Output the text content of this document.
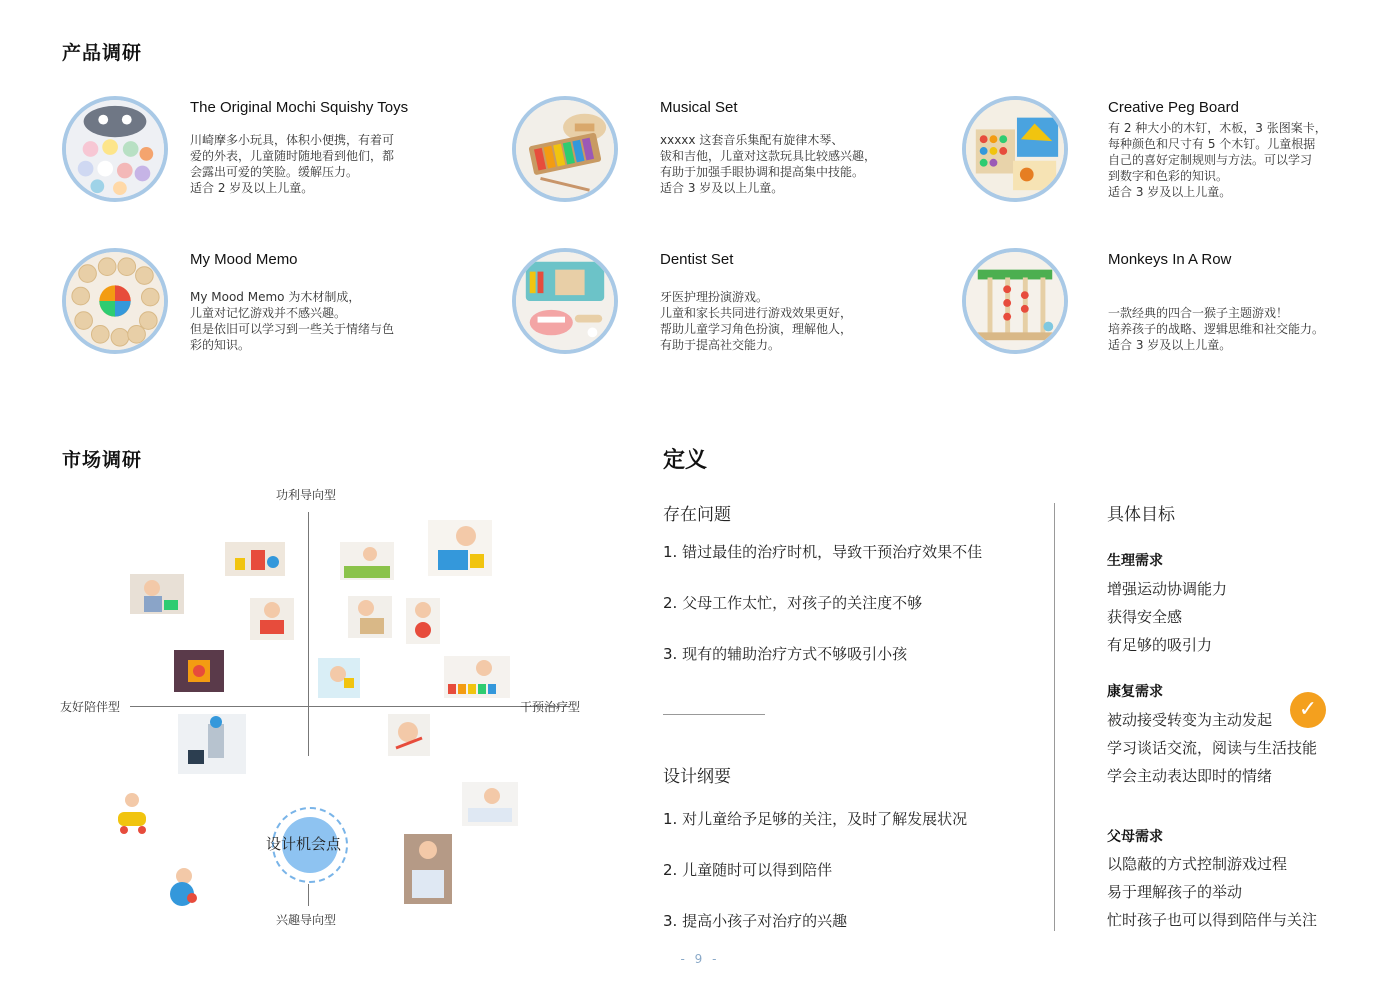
产品调研
The Original Mochi Squishy Toys
川崎摩多小玩具，体积小便携，有着可
爱的外表，儿童随时随地看到他们，都
会露出可爱的笑脸。缓解压力。
适合 2 岁及以上儿童。
Musical Set
xxxxx 这套音乐集配有旋律木琴、
钹和吉他，儿童对这款玩具比较感兴趣，
有助于加强手眼协调和提高集中技能。
适合 3 岁及以上儿童。
Creative Peg Board
有 2 种大小的木钉，木板，3 张图案卡，
每种颜色和尺寸有 5 个木钉。儿童根据
自己的喜好定制规则与方法。可以学习
到数字和色彩的知识。
适合 3 岁及以上儿童。
My Mood Memo
My Mood Memo 为木材制成，
儿童对记忆游戏并不感兴趣。
但是依旧可以学习到一些关于情绪与色
彩的知识。
Dentist Set
牙医护理扮演游戏。
儿童和家长共同进行游戏效果更好，
帮助儿童学习角色扮演，理解他人，
有助于提高社交能力。
Monkeys In A Row
一款经典的四合一猴子主题游戏！
培养孩子的战略、逻辑思维和社交能力。
适合 3 岁及以上儿童。
市场调研
功利导向型
兴趣导向型
友好陪伴型	干预治疗型
设计机会点
定义
存在问题
1. 错过最佳的治疗时机，导致干预治疗效果不佳
2. 父母工作太忙，对孩子的关注度不够
3. 现有的辅助治疗方式不够吸引小孩
设计纲要
1. 对儿童给予足够的关注，及时了解发展状况
2. 儿童随时可以得到陪伴
3. 提高小孩子对治疗的兴趣
具体目标
生理需求
增强运动协调能力
获得安全感
有足够的吸引力
康复需求
被动接受转变为主动发起
学习谈话交流，阅读与生活技能
学会主动表达即时的情绪
✓
父母需求
以隐蔽的方式控制游戏过程
易于理解孩子的举动
忙时孩子也可以得到陪伴与关注
- 9 -
